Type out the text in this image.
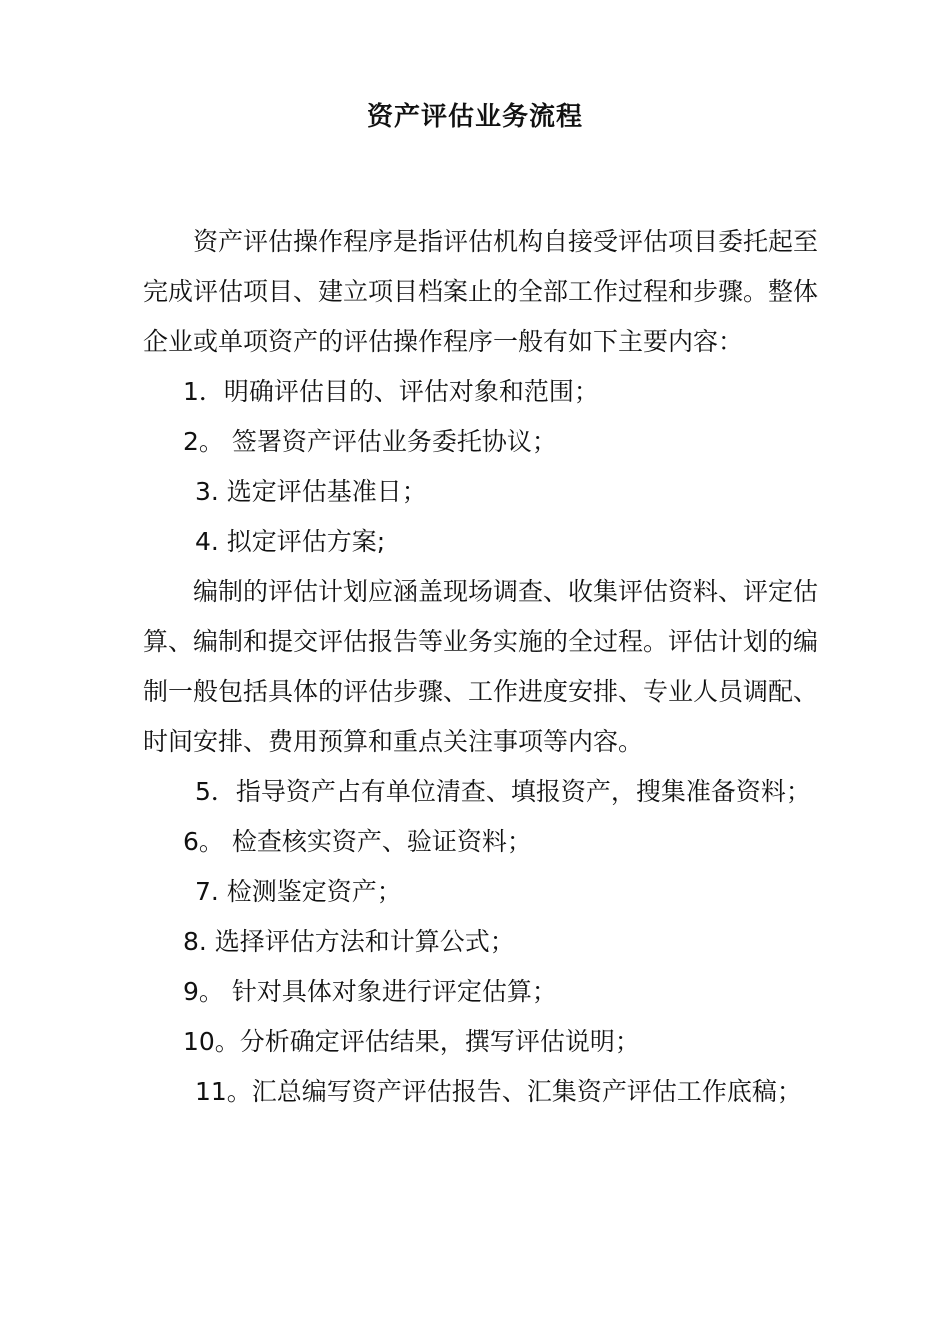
资产评估业务流程

资产评估操作程序是指评估机构自接受评估项目委托起至完成评估项目、建立项目档案止的全部工作过程和步骤。整体企业或单项资产的评估操作程序一般有如下主要内容：

1．明确评估目的、评估对象和范围；

2。 签署资产评估业务委托协议；

3. 选定评估基准日；

4. 拟定评估方案;

编制的评估计划应涵盖现场调查、收集评估资料、评定估算、编制和提交评估报告等业务实施的全过程。评估计划的编制一般包括具体的评估步骤、工作进度安排、专业人员调配、时间安排、费用预算和重点关注事项等内容。

5．指导资产占有单位清查、填报资产，搜集准备资料；

6。 检查核实资产、验证资料；

7. 检测鉴定资产；

8. 选择评估方法和计算公式；

9。 针对具体对象进行评定估算；

10。分析确定评估结果，撰写评估说明；

11。汇总编写资产评估报告、汇集资产评估工作底稿；
